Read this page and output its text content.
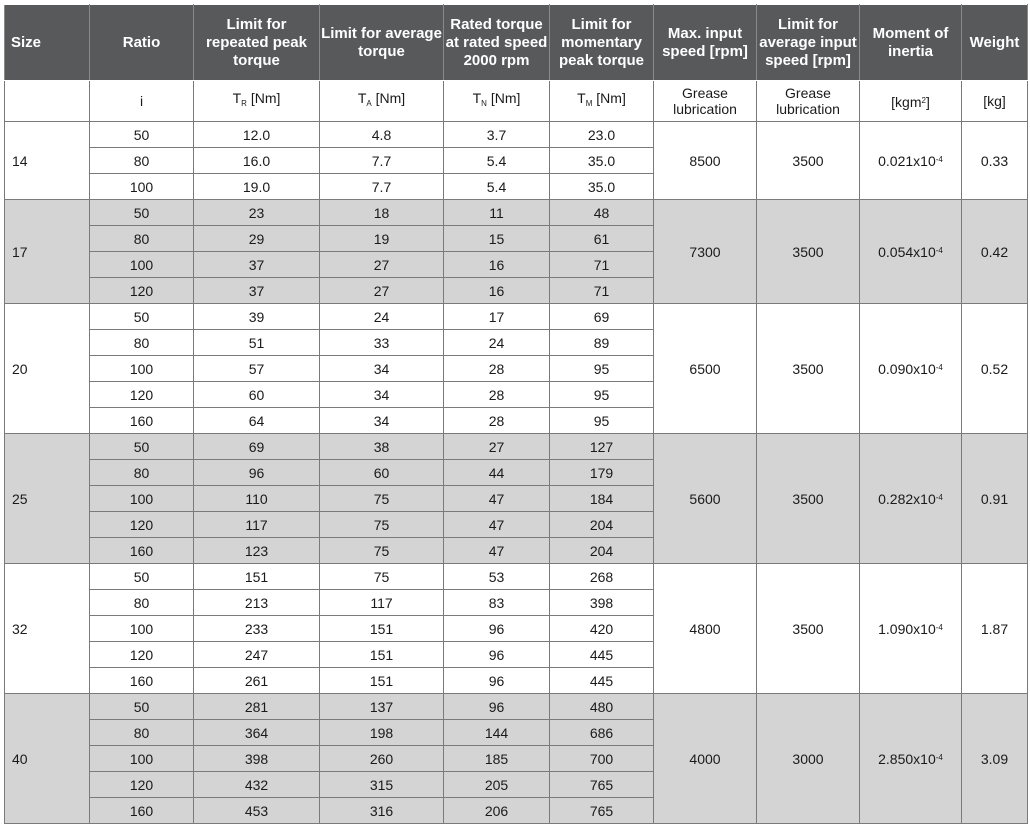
Size	Ratio	Limit for repeated peak torque	Limit for average torque	Rated torque at rated speed 2000 rpm	Limit for momentary peak torque	Max. input speed [rpm]	Limit for average input speed [rpm]	Moment of inertia	Weight
	i	$T_R$ [Nm]	$T_A$ [Nm]	$T_N$ [Nm]	$T_M$ [Nm]	Grease lubrication	Grease lubrication	[kgm$^2$]	[kg]
14	50	12.0	4.8	3.7	23.0	8500	3500	$0.021x10^{-4}$	0.33
	80	16.0	7.7	5.4	35.0				
	100	19.0	7.7	5.4	35.0				
17	50	23	18	11	48	7300	3500	$0.054x10^{-4}$	0.42
	80	29	19	15	61				
	100	37	27	16	71				
	120	37	27	16	71				
20	50	39	24	17	69	6500	3500	$0.090x10^{-4}$	0.52
	80	51	33	24	89				
	100	57	34	28	95				
	120	60	34	28	95				
	160	64	34	28	95				
25	50	69	38	27	127	5600	3500	$0.282x10^{-4}$	0.91
	80	96	60	44	179				
	100	110	75	47	184				
	120	117	75	47	204				
	160	123	75	47	204				
32	50	151	75	53	268	4800	3500	$1.090x10^{-4}$	1.87
	80	213	117	83	398				
	100	233	151	96	420				
	120	247	151	96	445				
	160	261	151	96	445				
40	50	281	137	96	480	4000	3000	$2.850x10^{-4}$	3.09
	80	364	198	144	686				
	100	398	260	185	700				
	120	432	315	205	765				
	160	453	316	206	765				
